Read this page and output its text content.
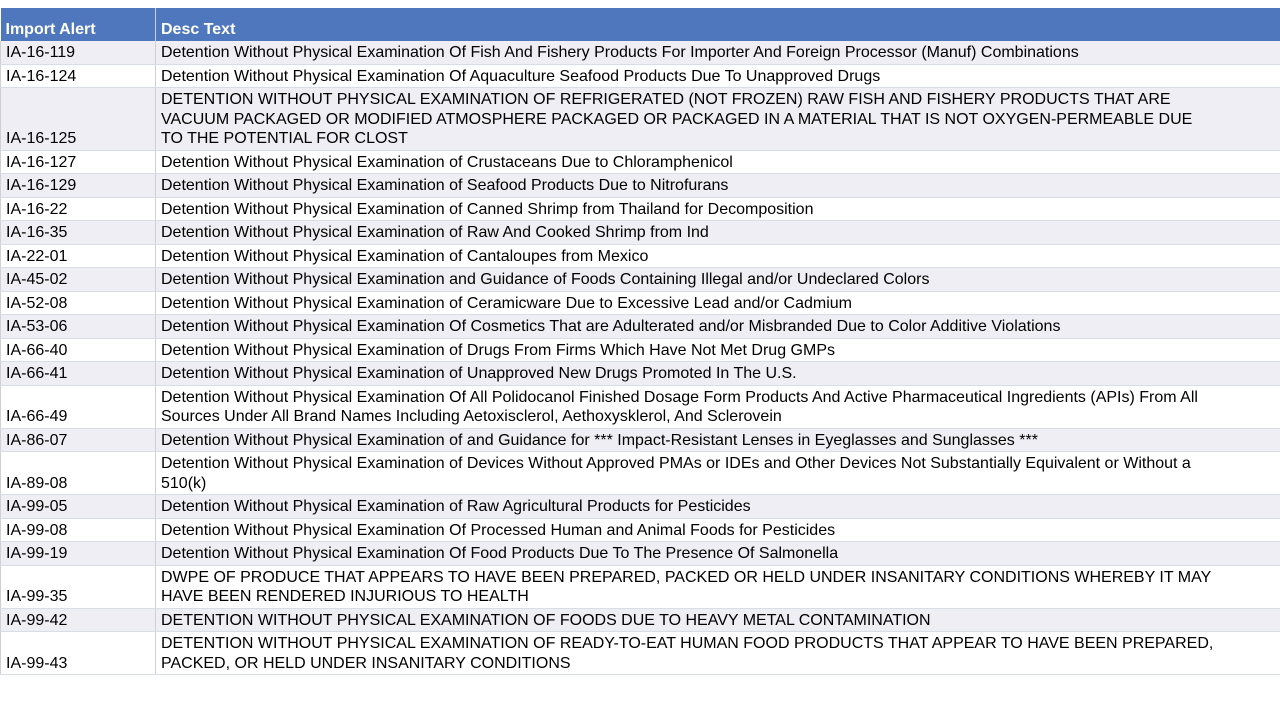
Import Alert	Desc Text
IA-16-119	Detention Without Physical Examination Of Fish And Fishery Products For Importer And Foreign Processor (Manuf) Combinations
IA-16-124	Detention Without Physical Examination Of Aquaculture Seafood Products Due To Unapproved Drugs
IA-16-125	DETENTION WITHOUT PHYSICAL EXAMINATION OF REFRIGERATED (NOT FROZEN) RAW FISH AND FISHERY PRODUCTS THAT ARE VACUUM PACKAGED OR MODIFIED ATMOSPHERE PACKAGED OR PACKAGED IN A MATERIAL THAT IS NOT OXYGEN-PERMEABLE DUE TO THE POTENTIAL FOR CLOST
IA-16-127	Detention Without Physical Examination of Crustaceans Due to Chloramphenicol
IA-16-129	Detention Without Physical Examination of Seafood Products Due to Nitrofurans
IA-16-22	Detention Without Physical Examination of Canned Shrimp from Thailand for Decomposition
IA-16-35	Detention Without Physical Examination of Raw And Cooked Shrimp from Ind
IA-22-01	Detention Without Physical Examination of Cantaloupes from Mexico
IA-45-02	Detention Without Physical Examination and Guidance of Foods Containing Illegal and/or Undeclared Colors
IA-52-08	Detention Without Physical Examination of Ceramicware Due to Excessive Lead and/or Cadmium
IA-53-06	Detention Without Physical Examination Of Cosmetics That are Adulterated and/or Misbranded Due to Color Additive Violations
IA-66-40	Detention Without Physical Examination of Drugs From Firms Which Have Not Met Drug GMPs
IA-66-41	Detention Without Physical Examination of Unapproved New Drugs Promoted In The U.S.
IA-66-49	Detention Without Physical Examination Of All Polidocanol Finished Dosage Form Products And Active Pharmaceutical Ingredients (APIs) From All Sources Under All Brand Names Including Aetoxisclerol, Aethoxysklerol, And Sclerovein
IA-86-07	Detention Without Physical Examination of and Guidance for *** Impact-Resistant Lenses in Eyeglasses and Sunglasses ***
IA-89-08	Detention Without Physical Examination of Devices Without Approved PMAs or IDEs and Other Devices Not Substantially Equivalent or Without a 510(k)
IA-99-05	Detention Without Physical Examination of Raw Agricultural Products for Pesticides
IA-99-08	Detention Without Physical Examination Of Processed Human and Animal Foods for Pesticides
IA-99-19	Detention Without Physical Examination Of Food Products Due To The Presence Of Salmonella
IA-99-35	DWPE OF PRODUCE THAT APPEARS TO HAVE BEEN PREPARED, PACKED OR HELD UNDER INSANITARY CONDITIONS WHEREBY IT MAY HAVE BEEN RENDERED INJURIOUS TO HEALTH
IA-99-42	DETENTION WITHOUT PHYSICAL EXAMINATION OF FOODS DUE TO HEAVY METAL CONTAMINATION
IA-99-43	DETENTION WITHOUT PHYSICAL EXAMINATION OF READY-TO-EAT HUMAN FOOD PRODUCTS THAT APPEAR TO HAVE BEEN PREPARED, PACKED, OR HELD UNDER INSANITARY CONDITIONS
